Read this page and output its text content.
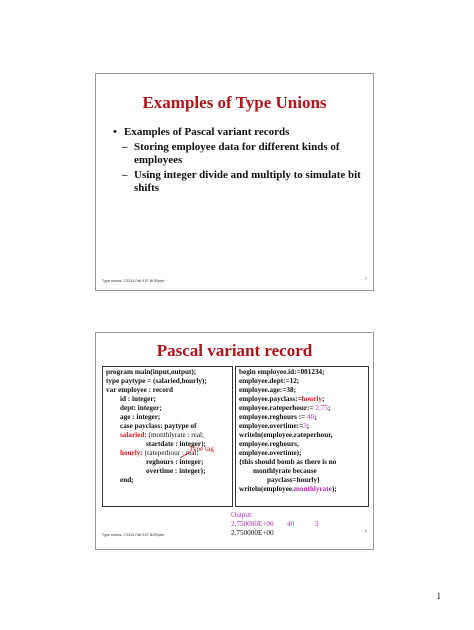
Examples of Type Unions
• Examples of Pascal variant records
– Storing employee data for different kinds of employees
– Using integer divide and multiply to simulate bit shifts
Type unions, CS314 Fall 01© BGRyder	7
Pascal variant record
program main(input,output);
type paytype = (salaried,hourly);
var employee : record
id : integer;
dept: integer;
age : integer;
case payclass: paytype of
salaried: (monthlyrate : real;
startdate : integer);
hourly: (rateperhour : real;
reghours : integer;
overtime : integer);
end;
Type tag
begin employee.id:=001234;
employee.dept:=12;
employee.age:=38;
employee.payclass:=hourly;
employee.rateperhour:= 2.75;
employee.reghours := 40;
employee.overtime:=3;
writeln(employee.rateperhour,
employee.reghours,
employee.overtime);
{this should bomb as there is no
monthlyrate because
payclass=hourly}
writeln(employee.monthlyrate);
Output:
2.750000E+00 40	3
2.750000E+00
Type unions, CS314 Fall 01© BGRyder
2
1
